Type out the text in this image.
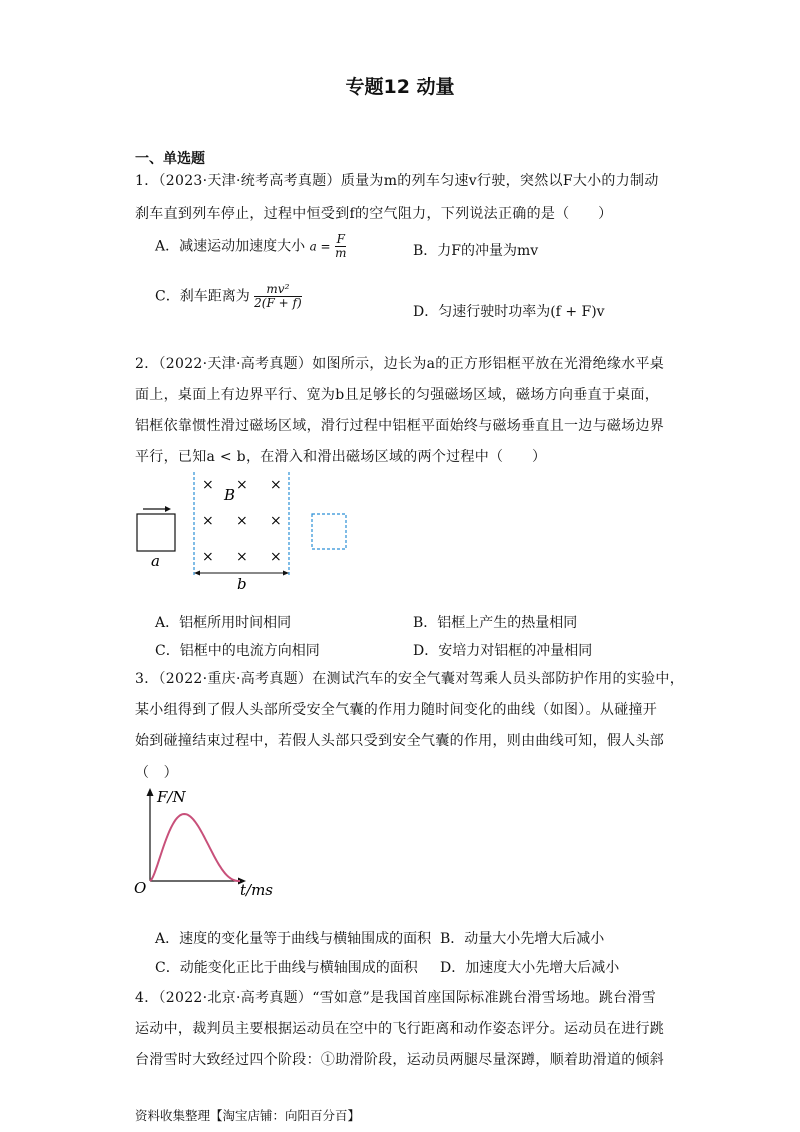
专题12 动量
一、单选题
1．（2023·天津·统考高考真题）质量为m的列车匀速v行驶，突然以F大小的力制动
刹车直到列车停止，过程中恒受到f的空气阻力，下列说法正确的是（　　）
A．减速运动加速度大小 $a = \frac{F}{m}$	B．力F的冲量为mv
C．刹车距离为 $\frac{\text{mv²}}{2(F + f)}$
D．匀速行驶时功率为(f + F)v
2．（2022·天津·高考真题）如图所示，边长为a的正方形铝框平放在光滑绝缘水平桌
面上，桌面上有边界平行、宽为b且足够长的匀强磁场区域，磁场方向垂直于桌面，
铝框依靠惯性滑过磁场区域，滑行过程中铝框平面始终与磁场垂直且一边与磁场边界
平行，已知a < b，在滑入和滑出磁场区域的两个过程中（　　）
a
× × ×
× × ×
× × ×
B
b
A．铝框所用时间相同	B．铝框上产生的热量相同
C．铝框中的电流方向相同	D．安培力对铝框的冲量相同
3．（2022·重庆·高考真题）在测试汽车的安全气囊对驾乘人员头部防护作用的实验中，
某小组得到了假人头部所受安全气囊的作用力随时间变化的曲线（如图）。从碰撞开
始到碰撞结束过程中，若假人头部只受到安全气囊的作用，则由曲线可知，假人头部
（　）
F/N
t/ms
O
A．速度的变化量等于曲线与横轴围成的面积 B．动量大小先增大后减小
C．动能变化正比于曲线与横轴围成的面积 D．加速度大小先增大后减小
4．（2022·北京·高考真题）“雪如意”是我国首座国际标准跳台滑雪场地。跳台滑雪
运动中，裁判员主要根据运动员在空中的飞行距离和动作姿态评分。运动员在进行跳
台滑雪时大致经过四个阶段：①助滑阶段，运动员两腿尽量深蹲，顺着助滑道的倾斜
资料收集整理【淘宝店铺：向阳百分百】
